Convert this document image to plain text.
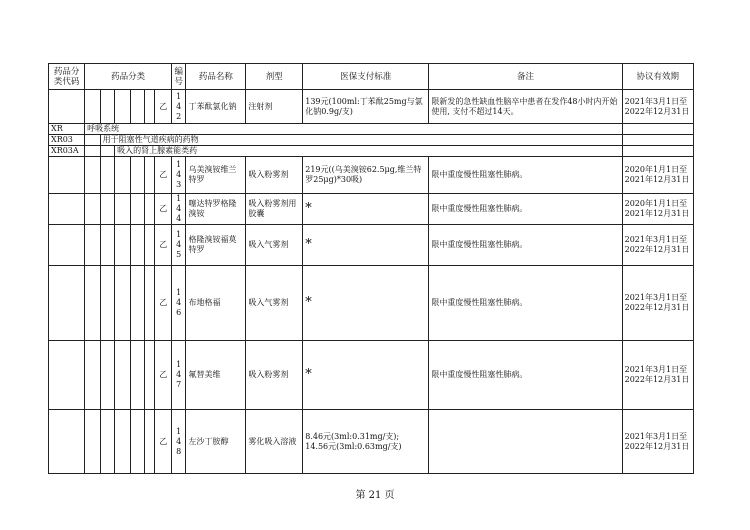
药品分类代码	药品分类						编号	药品名称	剂型	医保支付标准	备注	协议有效期
						乙	142	丁苯酞氯化钠	注射剂	139元(100ml:丁苯酞25mg与氯化钠0.9g/支)	限新发的急性缺血性脑卒中患者在发作48小时内开始使用, 支付不超过14天。	2021年3月1日至2022年12月31日
XR	呼吸系统											
XR03		用于阻塞性气道疾病的药物										
XR03A			吸入的肾上腺素能类药									
						乙	143	乌美溴铵维兰特罗	吸入粉雾剂	219元((乌美溴铵62.5μg,维兰特罗25μg)*30吸)	限中重度慢性阻塞性肺病。	2020年1月1日至2021年12月31日
						乙	144	噻达特罗格隆溴铵	吸入粉雾剂用胶囊	*	限中重度慢性阻塞性肺病。	2020年1月1日至2021年12月31日
						乙	145	格隆溴铵福莫特罗	吸入气雾剂	*	限中重度慢性阻塞性肺病。	2021年3月1日至2022年12月31日
						乙	146	布地格福	吸入气雾剂	*	限中重度慢性阻塞性肺病。	2021年3月1日至2022年12月31日
						乙	147	氟替美维	吸入粉雾剂	*	限中重度慢性阻塞性肺病。	2021年3月1日至2022年12月31日
						乙	148	左沙丁胺醇	雾化吸入溶液	8.46元(3ml:0.31mg/支);
14.56元(3ml:0.63mg/支)		2021年3月1日至2022年12月31日
第 21 页
